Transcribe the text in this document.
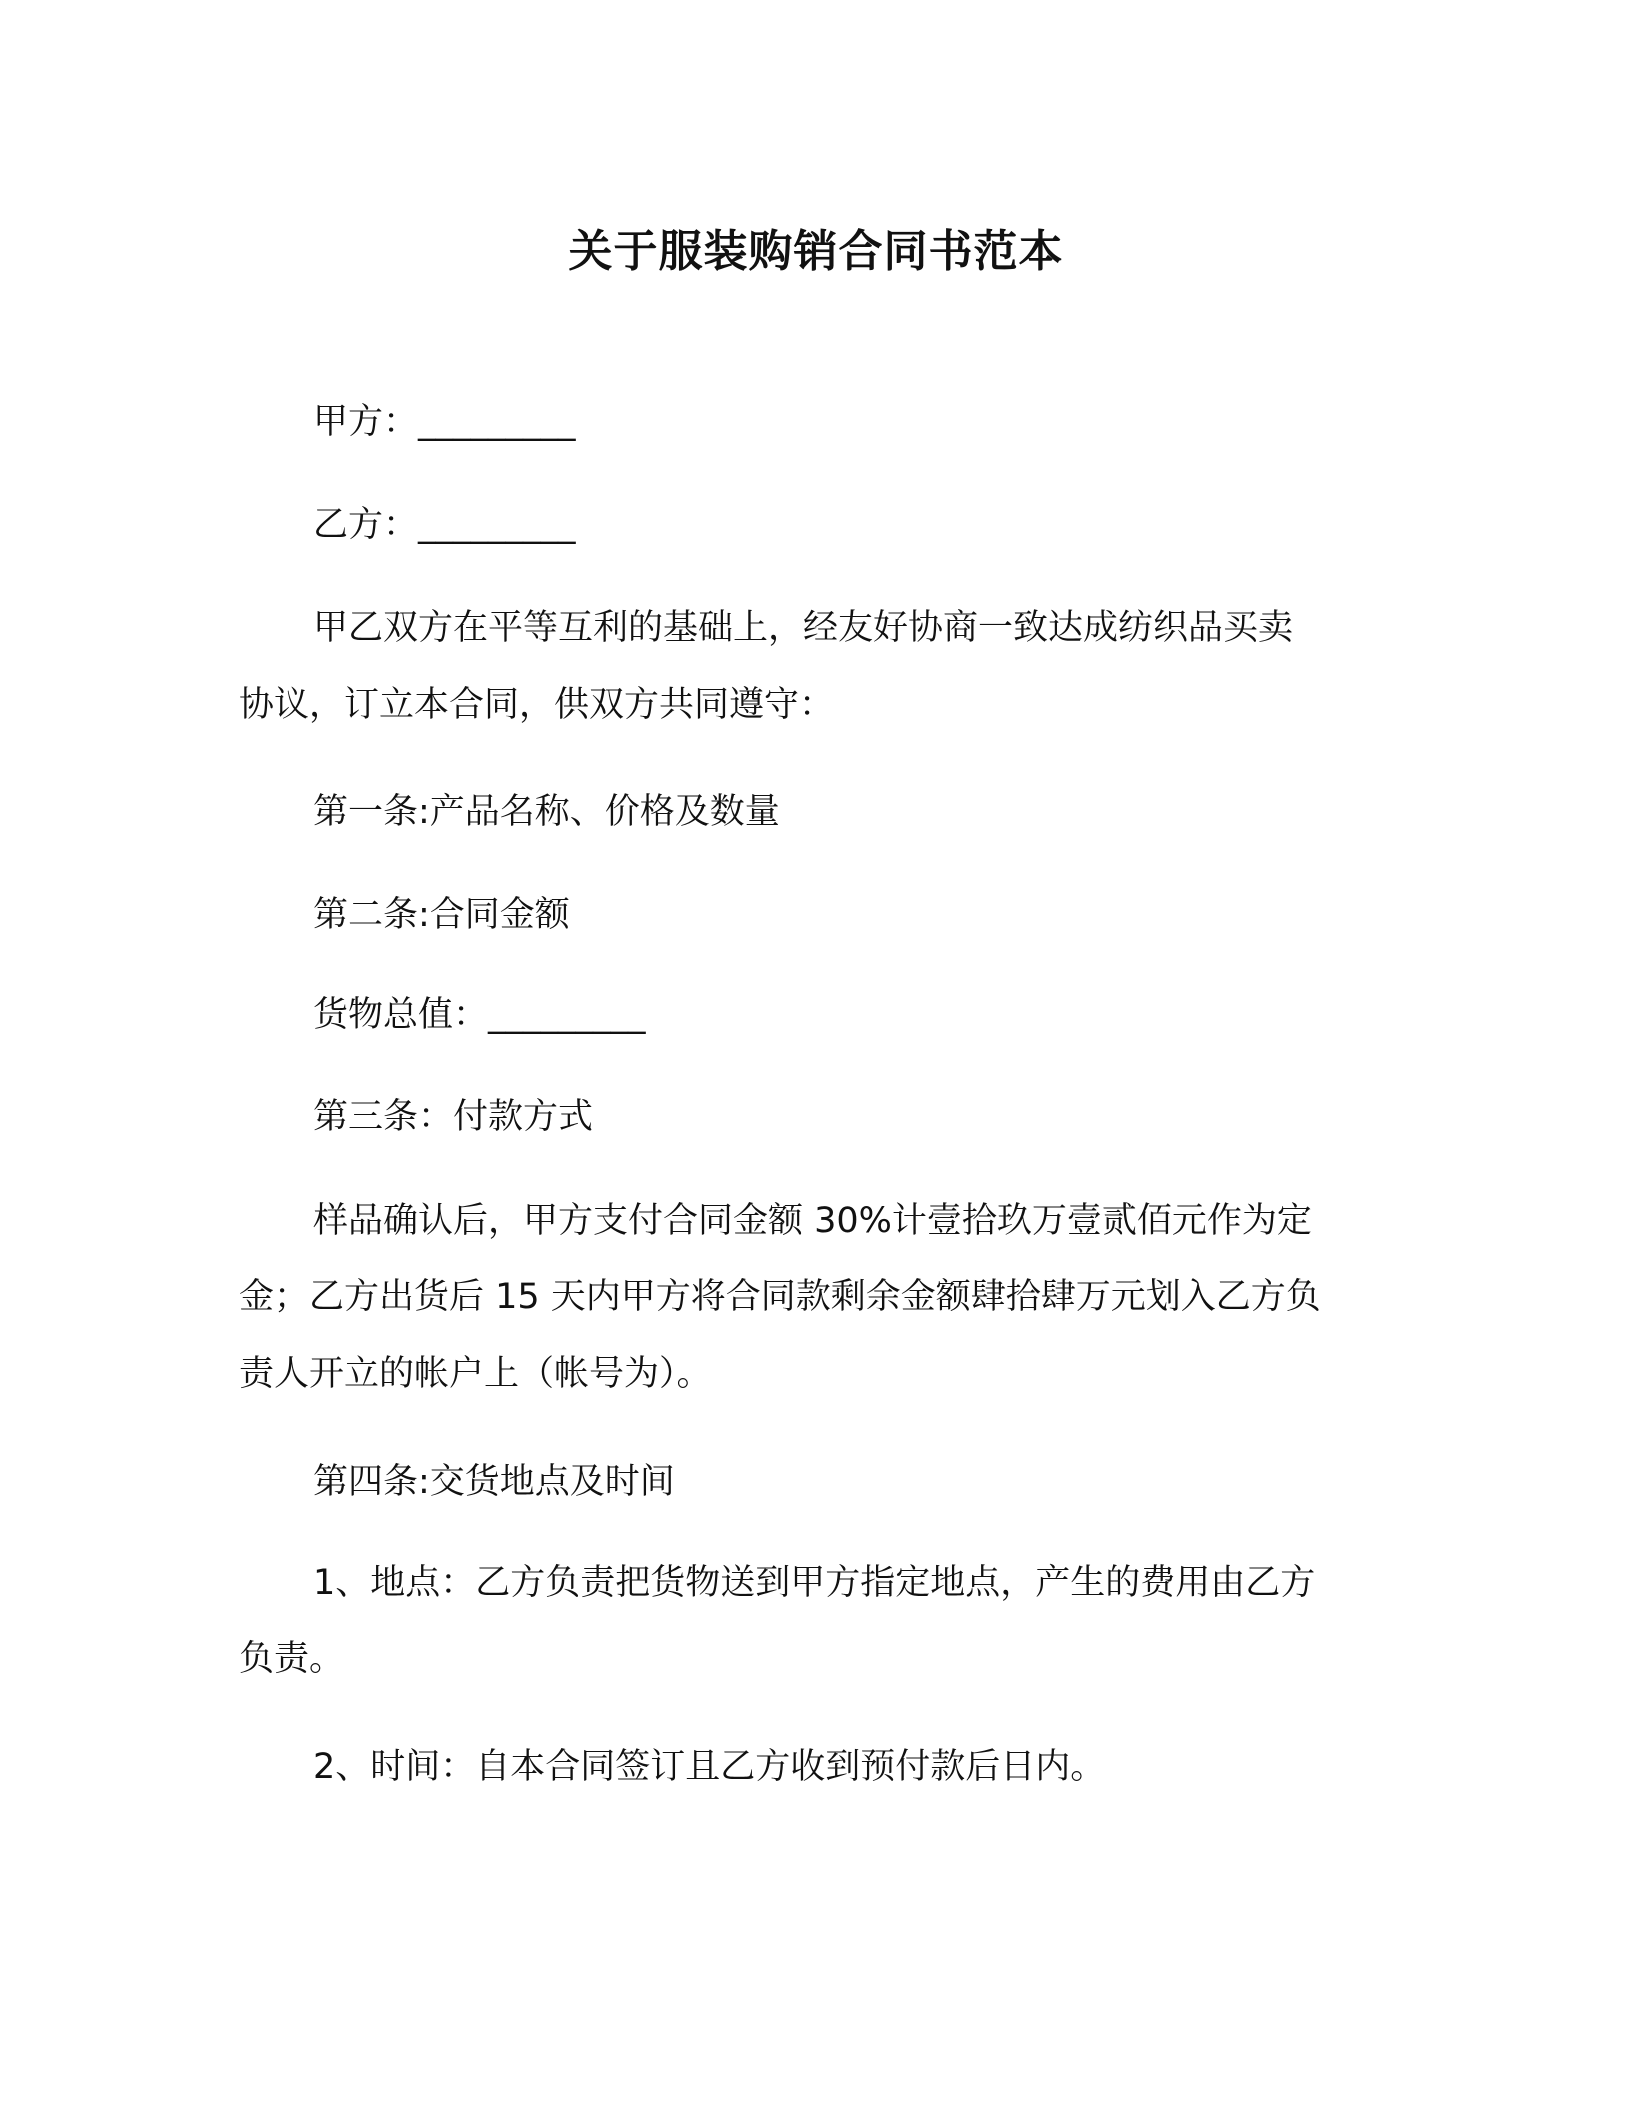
关于服装购销合同书范本
甲方：_________
乙方：_________
甲乙双方在平等互利的基础上，经友好协商一致达成纺织品买卖
协议，订立本合同，供双方共同遵守：
第一条:产品名称、价格及数量
第二条:合同金额
货物总值：_________
第三条：付款方式
样品确认后，甲方支付合同金额 30%计壹拾玖万壹贰佰元作为定
金；乙方出货后 15 天内甲方将合同款剩余金额肆拾肆万元划入乙方负
责人开立的帐户上（帐号为）。
第四条:交货地点及时间
1、地点：乙方负责把货物送到甲方指定地点，产生的费用由乙方
负责。
2、时间：自本合同签订且乙方收到预付款后日内。
